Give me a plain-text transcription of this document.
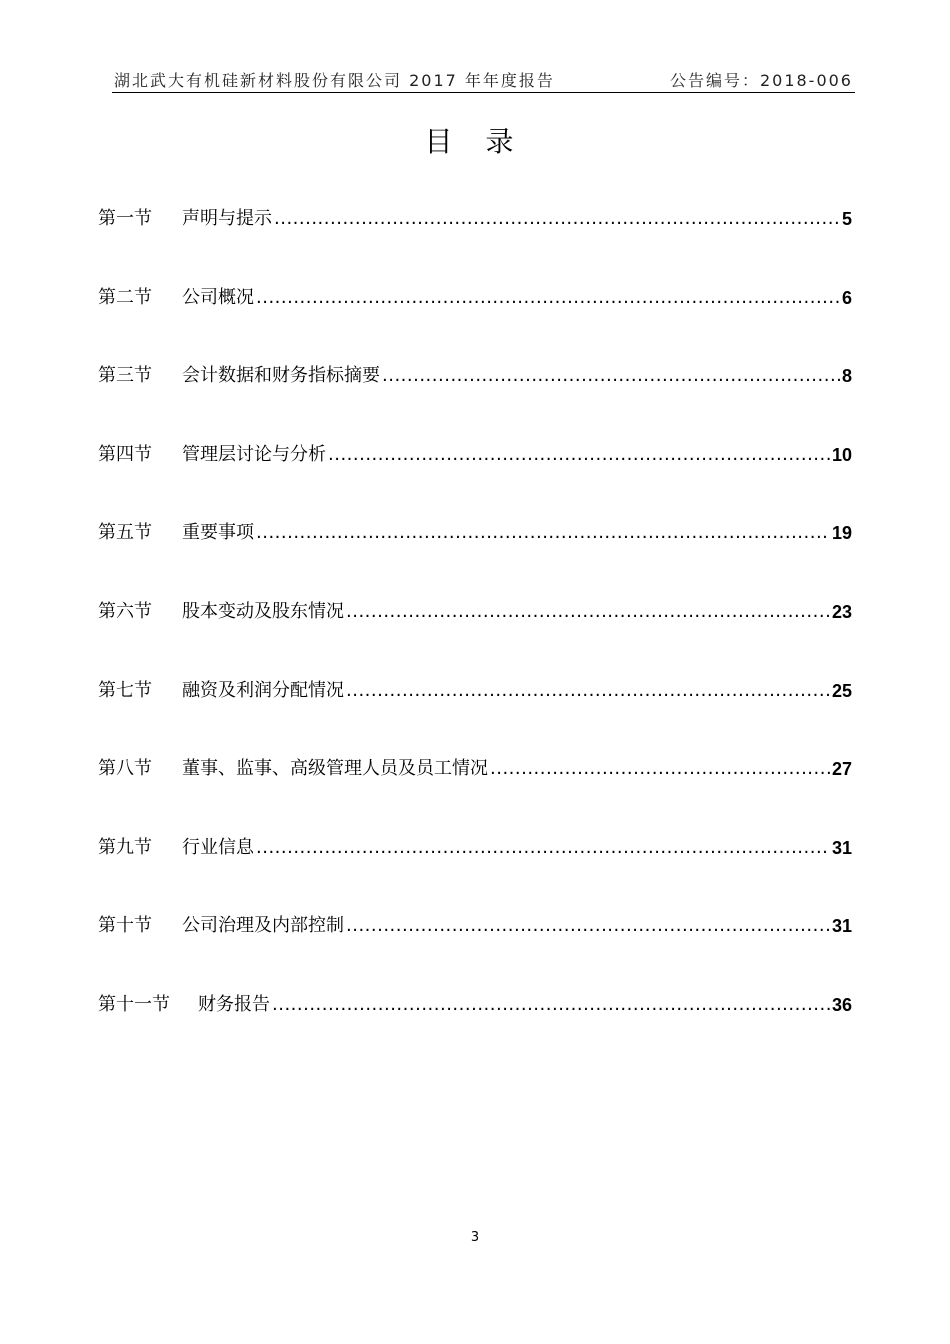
湖北武大有机硅新材料股份有限公司 2017 年年度报告	公告编号：2018-006
目 录
第一节	声明与提示 .....	5
第二节	公司概况 .....	6
第三节	会计数据和财务指标摘要 .....	8
第四节	管理层讨论与分析 .....	10
第五节	重要事项 .....	19
第六节	股本变动及股东情况 .....	23
第七节	融资及利润分配情况 .....	25
第八节	董事、监事、高级管理人员及员工情况 .....	27
第九节	行业信息 .....	31
第十节	公司治理及内部控制 .....	31
第十一节	财务报告 .....	36
3
